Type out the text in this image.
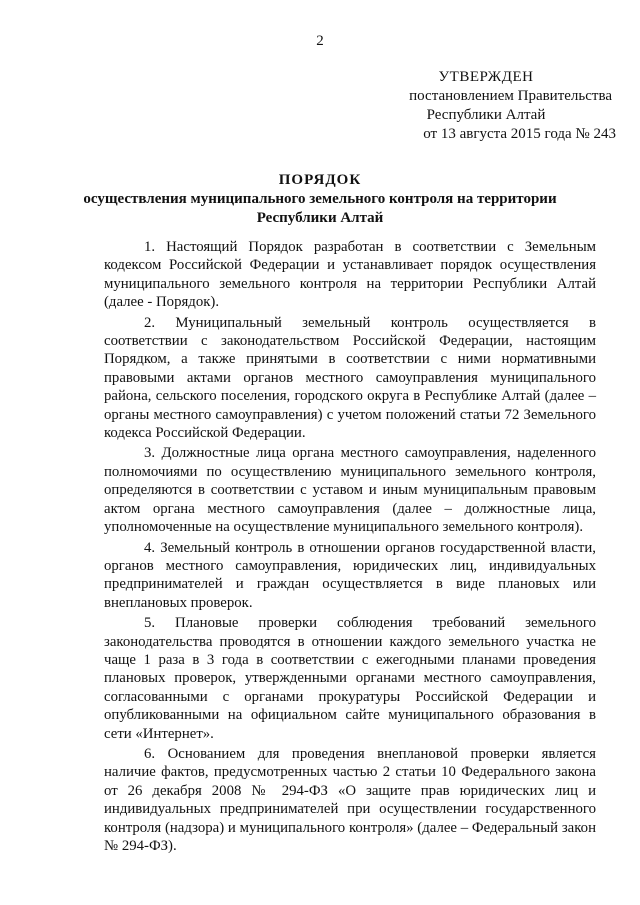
2
УТВЕРЖДЕН
постановлением Правительства
Республики Алтай
от 13 августа 2015 года № 243
ПОРЯДОК
осуществления муниципального земельного контроля на территории
Республики Алтай

1. Настоящий Порядок разработан в соответствии с Земельным кодексом Российской Федерации и устанавливает порядок осуществления муниципального земельного контроля на территории Республики Алтай (далее - Порядок).

2. Муниципальный земельный контроль осуществляется в соответствии с законодательством Российской Федерации, настоящим Порядком, а также принятыми в соответствии с ними нормативными правовыми актами органов местного самоуправления муниципального района, сельского поселения, городского округа в Республике Алтай (далее – органы местного самоуправления) с учетом положений статьи 72 Земельного кодекса Российской Федерации.

3. Должностные лица органа местного самоуправления, наделенного полномочиями по осуществлению муниципального земельного контроля, определяются в соответствии с уставом и иным муниципальным правовым актом органа местного самоуправления (далее – должностные лица, уполномоченные на осуществление муниципального земельного контроля).

4. Земельный контроль в отношении органов государственной власти, органов местного самоуправления, юридических лиц, индивидуальных предпринимателей и граждан осуществляется в виде плановых или внеплановых проверок.

5. Плановые проверки соблюдения требований земельного законодательства проводятся в отношении каждого земельного участка не чаще 1 раза в 3 года в соответствии с ежегодными планами проведения плановых проверок, утвержденными органами местного самоуправления, согласованными с органами прокуратуры Российской Федерации и опубликованными на официальном сайте муниципального образования в сети «Интернет».

6. Основанием для проведения внеплановой проверки является наличие фактов, предусмотренных частью 2 статьи 10 Федерального закона от 26 декабря 2008 № 294-ФЗ «О защите прав юридических лиц и индивидуальных предпринимателей при осуществлении государственного контроля (надзора) и муниципального контроля» (далее – Федеральный закон № 294-ФЗ).
